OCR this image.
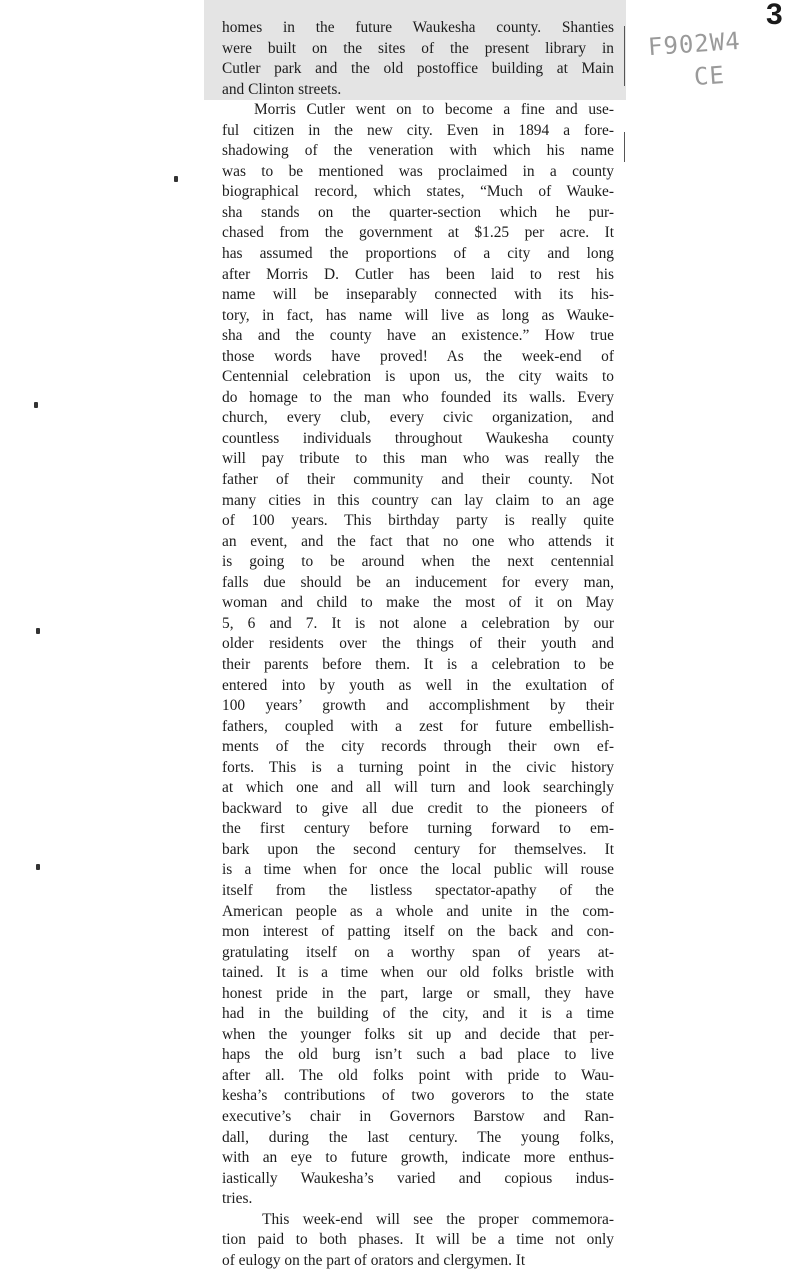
3
F902W4
CE
homes in the future Waukesha county. Shanties
were built on the sites of the present library in
Cutler park and the old postoffice building at Main
and Clinton streets.
Morris Cutler went on to become a fine and use-
ful citizen in the new city. Even in 1894 a fore-
shadowing of the veneration with which his name
was to be mentioned was proclaimed in a county
biographical record, which states, “Much of Wauke-
sha stands on the quarter-section which he pur-
chased from the government at $1.25 per acre. It
has assumed the proportions of a city and long
after Morris D. Cutler has been laid to rest his
name will be inseparably connected with its his-
tory, in fact, has name will live as long as Wauke-
sha and the county have an existence.” How true
those words have proved! As the week-end of
Centennial celebration is upon us, the city waits to
do homage to the man who founded its walls. Every
church, every club, every civic organization, and
countless individuals throughout Waukesha county
will pay tribute to this man who was really the
father of their community and their county. Not
many cities in this country can lay claim to an age
of 100 years. This birthday party is really quite
an event, and the fact that no one who attends it
is going to be around when the next centennial
falls due should be an inducement for every man,
woman and child to make the most of it on May
5, 6 and 7. It is not alone a celebration by our
older residents over the things of their youth and
their parents before them. It is a celebration to be
entered into by youth as well in the exultation of
100 years’ growth and accomplishment by their
fathers, coupled with a zest for future embellish-
ments of the city records through their own ef-
forts. This is a turning point in the civic history
at which one and all will turn and look searchingly
backward to give all due credit to the pioneers of
the first century before turning forward to em-
bark upon the second century for themselves. It
is a time when for once the local public will rouse
itself from the listless spectator-apathy of the
American people as a whole and unite in the com-
mon interest of patting itself on the back and con-
gratulating itself on a worthy span of years at-
tained. It is a time when our old folks bristle with
honest pride in the part, large or small, they have
had in the building of the city, and it is a time
when the younger folks sit up and decide that per-
haps the old burg isn’t such a bad place to live
after all. The old folks point with pride to Wau-
kesha’s contributions of two goverors to the state
executive’s chair in Governors Barstow and Ran-
dall, during the last century. The young folks,
with an eye to future growth, indicate more enthus-
iastically Waukesha’s varied and copious indus-
tries.
This week-end will see the proper commemora-
tion paid to both phases. It will be a time not only
of eulogy on the part of orators and clergymen. It
